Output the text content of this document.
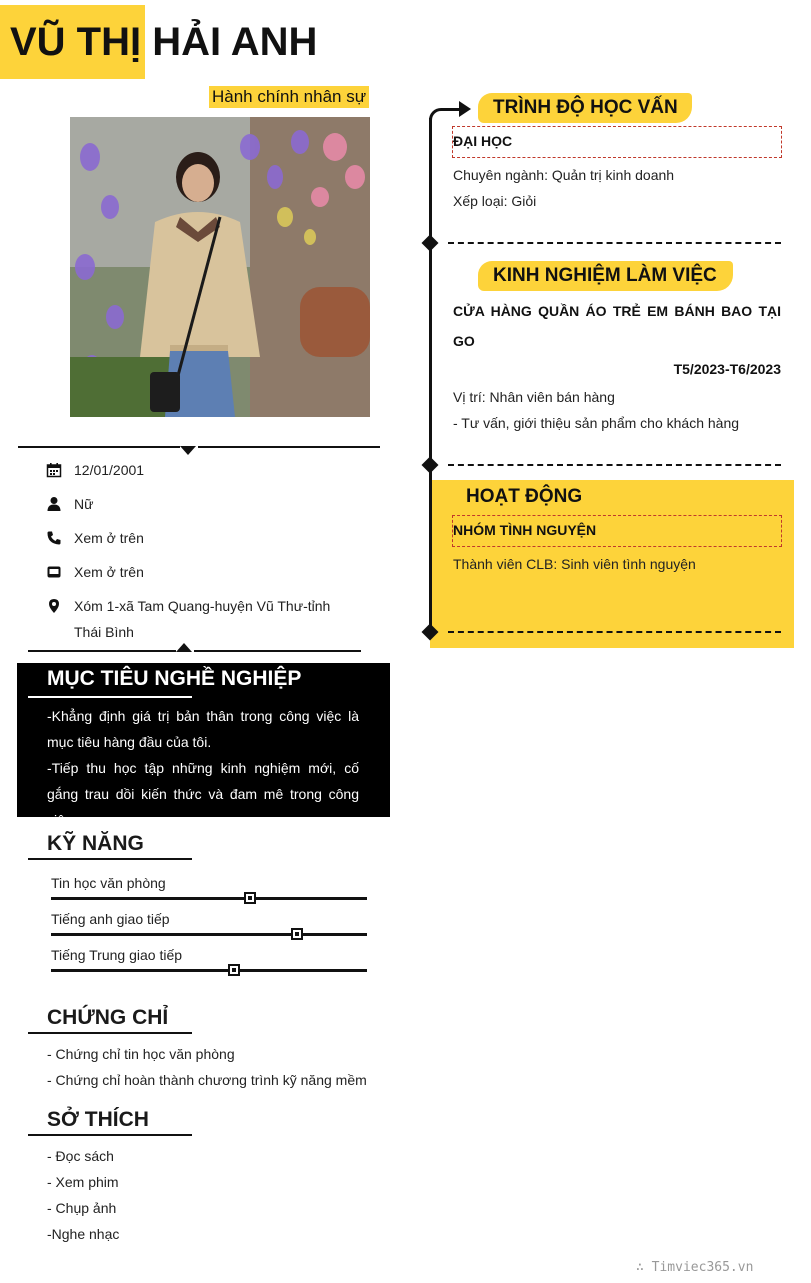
VŨ THỊ HẢI ANH
Hành chính nhân sự
12/01/2001
Nữ
Xem ở trên
Xem ở trên
Xóm 1-xã Tam Quang-huyện Vũ Thư-tỉnh Thái Bình
MỤC TIÊU NGHỀ NGHIỆP
-Khẳng định giá trị bản thân trong công việc là mục tiêu hàng đầu của tôi.
-Tiếp thu học tập những kinh nghiệm mới, cố gắng trau dồi kiến thức và đam mê trong công việc
KỸ NĂNG
Tin học văn phòng
Tiếng anh giao tiếp
Tiếng Trung giao tiếp
CHỨNG CHỈ
- Chứng chỉ tin học văn phòng
- Chứng chỉ hoàn thành chương trình kỹ năng mềm
SỞ THÍCH
- Đọc sách
- Xem phim
- Chụp ảnh
-Nghe nhạc
TRÌNH ĐỘ HỌC VẤN
ĐẠI HỌC
Chuyên ngành: Quản trị kinh doanh
Xếp loại: Giỏi
KINH NGHIỆM LÀM VIỆC
CỬA HÀNG QUẦN ÁO TRẺ EM BÁNH BAO TẠI GO
T5/2023-T6/2023
Vị trí: Nhân viên bán hàng
- Tư vấn, giới thiệu sản phẩm cho khách hàng
HOẠT ĐỘNG
NHÓM TÌNH NGUYỆN
Thành viên CLB: Sinh viên tình nguyện
∴ Timviec365.vn
